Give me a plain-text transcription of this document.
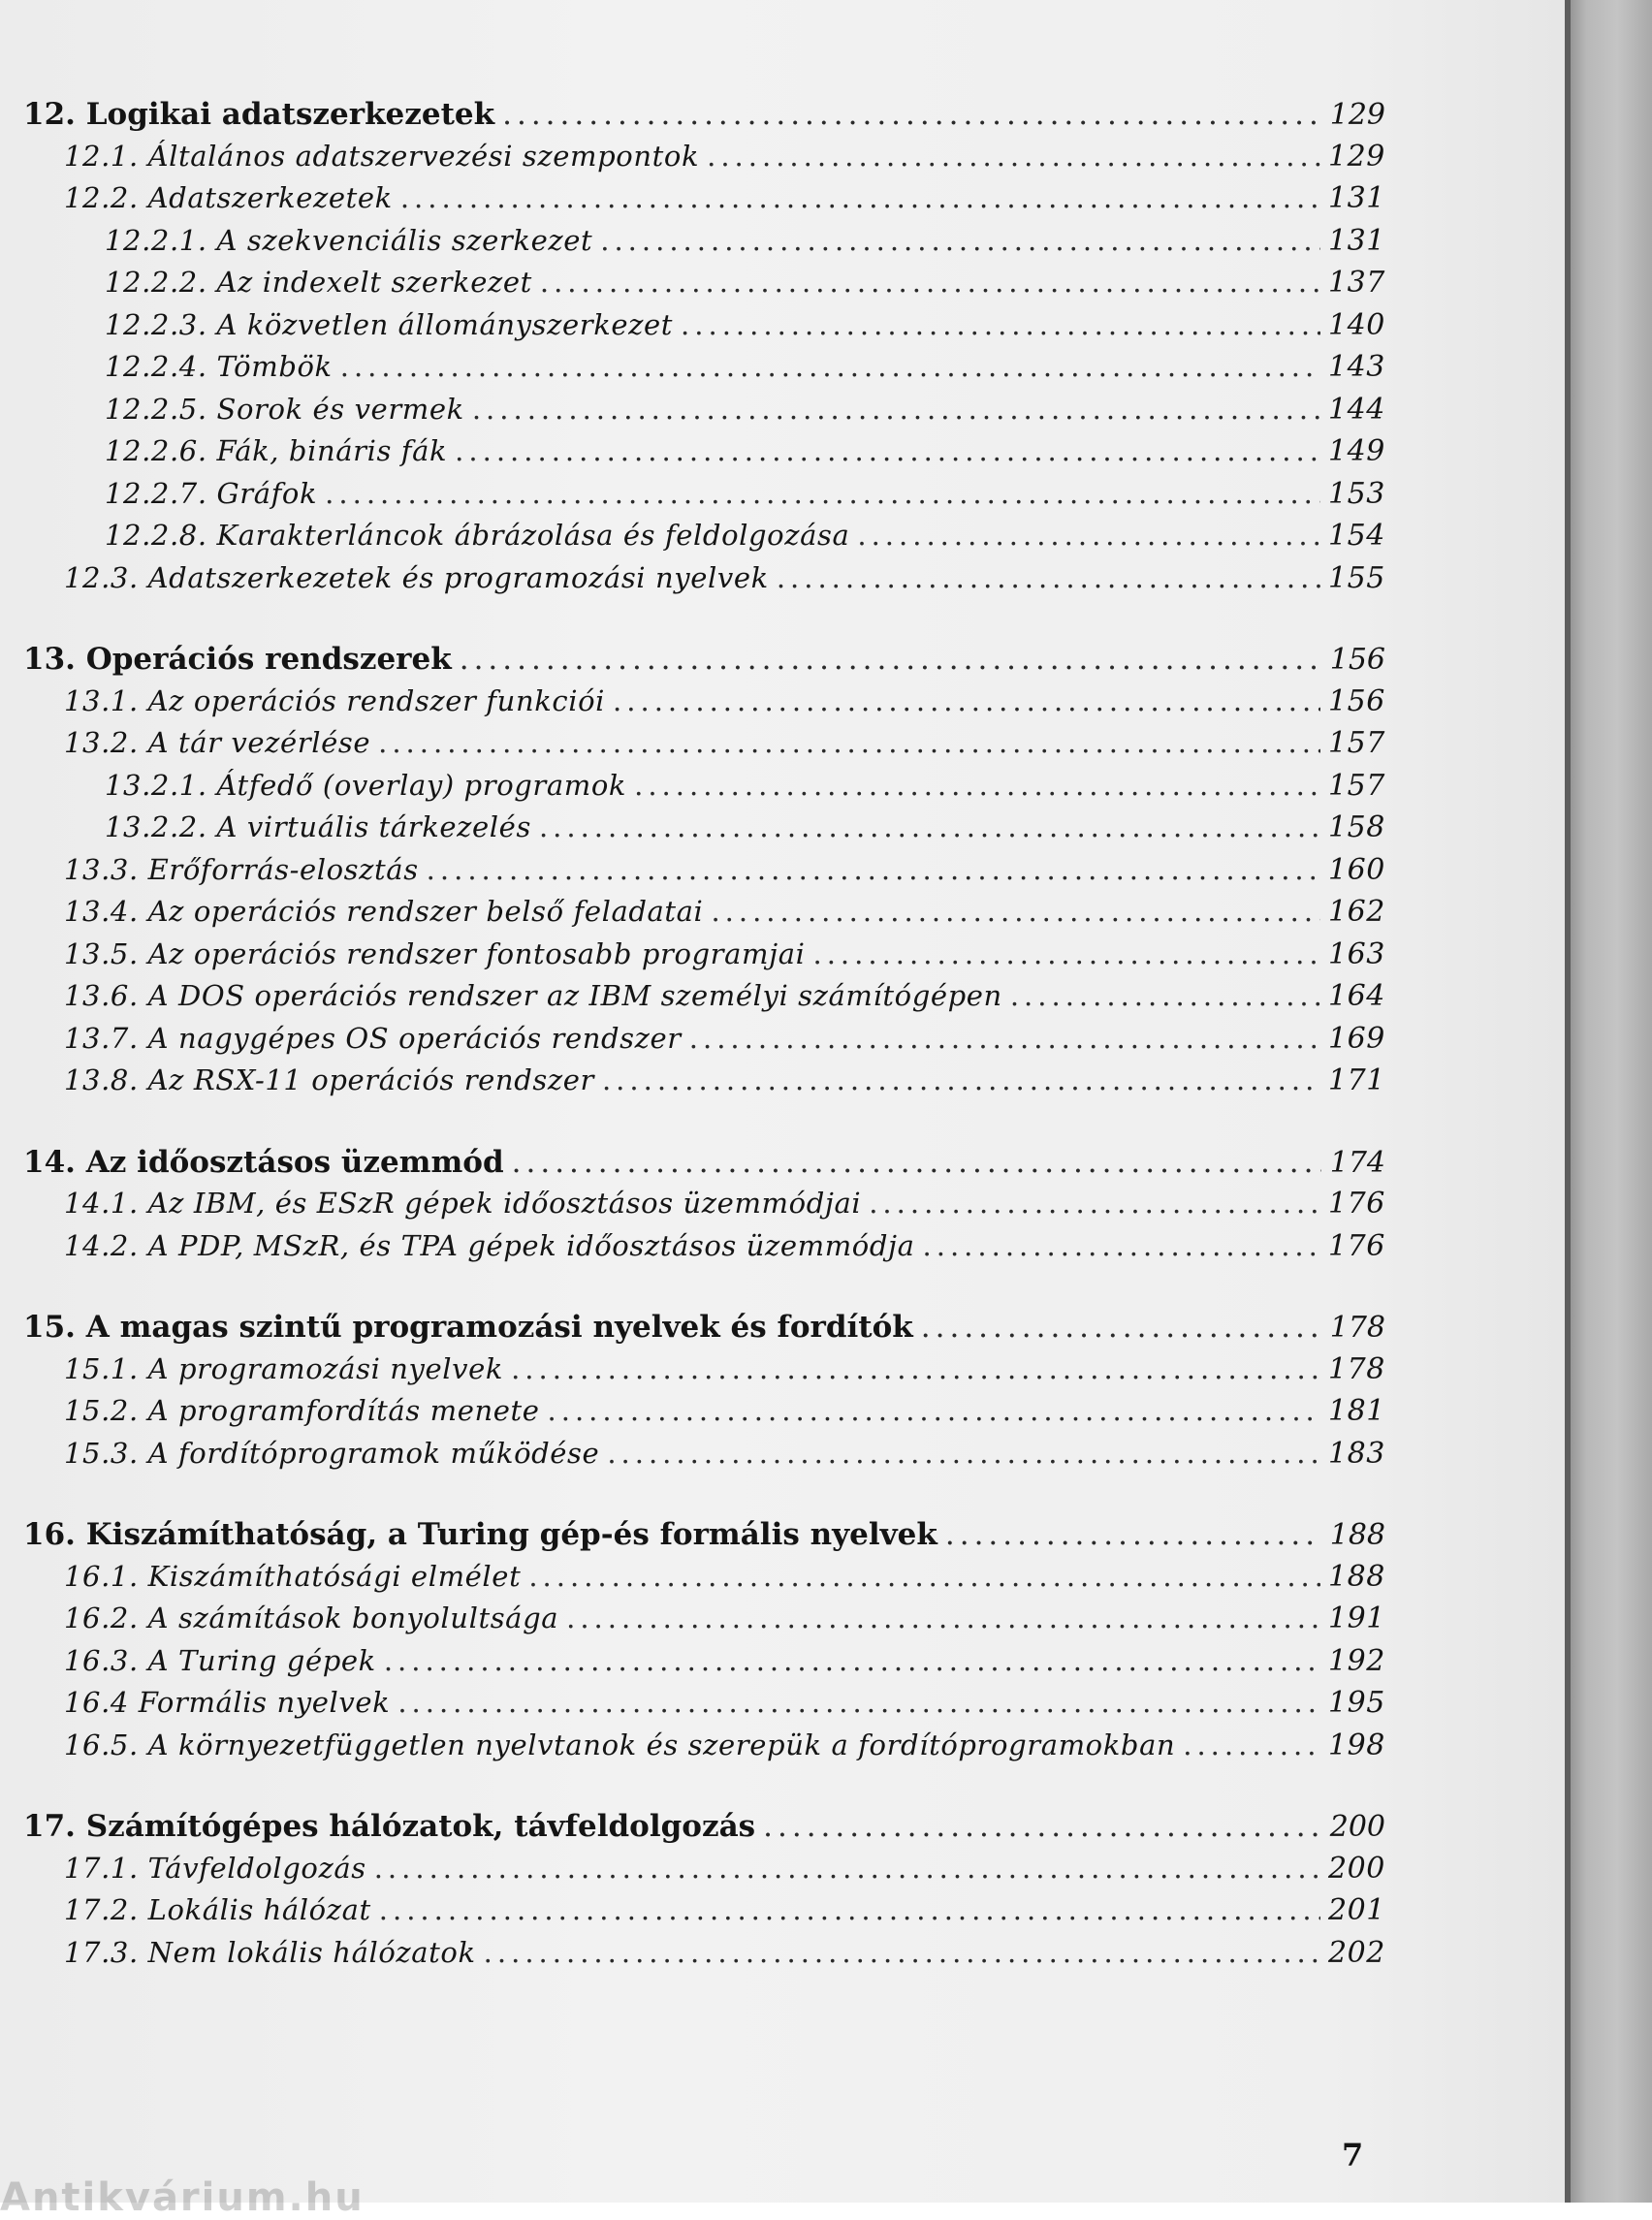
12. Logikai adatszerkezetek .....	129
12.1. Általános adatszervezési szempontok .....	129
12.2. Adatszerkezetek .....	131
12.2.1. A szekvenciális szerkezet .....	131
12.2.2. Az indexelt szerkezet .....	137
12.2.3. A közvetlen állományszerkezet .....	140
12.2.4. Tömbök .....	143
12.2.5. Sorok és vermek .....	144
12.2.6. Fák, bináris fák .....	149
12.2.7. Gráfok .....	153
12.2.8. Karakterláncok ábrázolása és feldolgozása .....	154
12.3. Adatszerkezetek és programozási nyelvek .....	155
13. Operációs rendszerek .....	156
13.1. Az operációs rendszer funkciói .....	156
13.2. A tár vezérlése .....	157
13.2.1. Átfedő (overlay) programok .....	157
13.2.2. A virtuális tárkezelés .....	158
13.3. Erőforrás-elosztás .....	160
13.4. Az operációs rendszer belső feladatai .....	162
13.5. Az operációs rendszer fontosabb programjai .....	163
13.6. A DOS operációs rendszer az IBM személyi számítógépen .....	164
13.7. A nagygépes OS operációs rendszer .....	169
13.8. Az RSX-11 operációs rendszer .....	171
14. Az időosztásos üzemmód .....	174
14.1. Az IBM, és ESzR gépek időosztásos üzemmódjai .....	176
14.2. A PDP, MSzR, és TPA gépek időosztásos üzemmódja .....	176
15. A magas szintű programozási nyelvek és fordítók .....	178
15.1. A programozási nyelvek .....	178
15.2. A programfordítás menete .....	181
15.3. A fordítóprogramok működése .....	183
16. Kiszámíthatóság, a Turing gép-és formális nyelvek .....	188
16.1. Kiszámíthatósági elmélet .....	188
16.2. A számítások bonyolultsága .....	191
16.3. A Turing gépek .....	192
16.4 Formális nyelvek .....	195
16.5. A környezetfüggetlen nyelvtanok és szerepük a fordítóprogramokban .....	198
17. Számítógépes hálózatok, távfeldolgozás .....	200
17.1. Távfeldolgozás .....	200
17.2. Lokális hálózat .....	201
17.3. Nem lokális hálózatok .....	202
7
Antikvárium.hu
